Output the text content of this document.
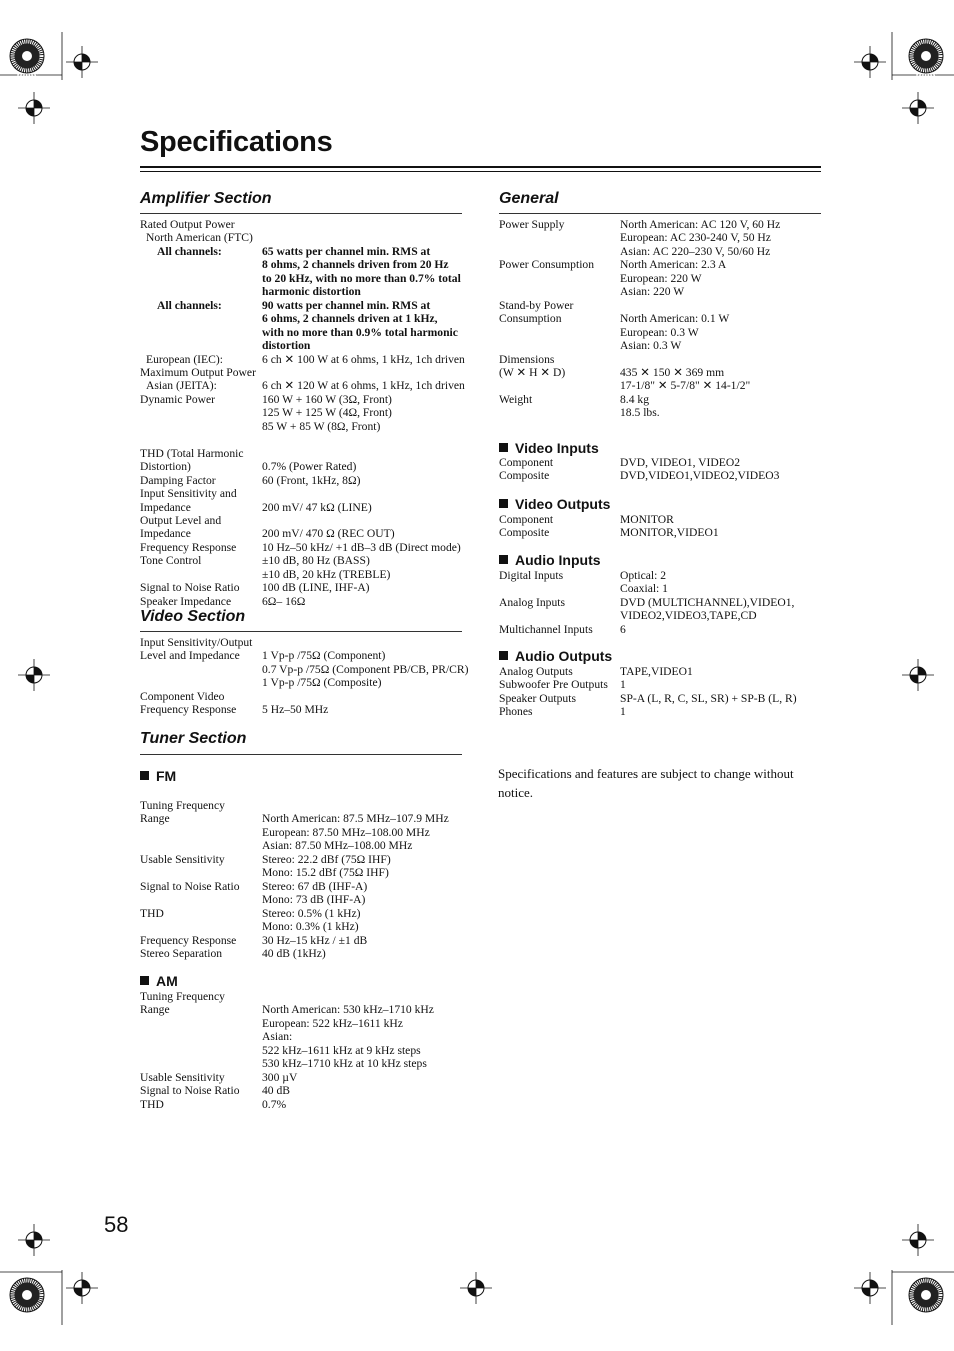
Specifications
Amplifier Section
Rated Output Power

Maximum Output Power

Dynamic Power

THD (Total Harmonic
Distortion)
Damping Factor
Input Sensitivity and
Impedance
Output Level and
Impedance
Frequency Response
Tone Control

Signal to Noise Ratio
Speaker Impedance

North American (FTC)
All channels:

All channels:

European (IEC):

Asian (JEITA):

65 watts per channel min. RMS at
8 ohms, 2 channels driven from 20 Hz
to 20 kHz, with no more than 0.7% total
harmonic distortion
90 watts per channel min. RMS at
6 ohms, 2 channels driven at 1 kHz,
with no more than 0.9% total harmonic
distortion
6 ch ✕ 100 W at 6 ohms, 1 kHz, 1ch driven

6 ch ✕ 120 W at 6 ohms, 1 kHz, 1ch driven
160 W + 160 W (3Ω, Front)
125 W + 125 W (4Ω, Front)
85 W + 85 W (8Ω, Front)

0.7% (Power Rated)
60 (Front, 1kHz, 8Ω)

200 mV/ 47 kΩ (LINE)

200 mV/ 470 Ω (REC OUT)
10 Hz–50 kHz/ +1 dB–3 dB (Direct mode)
±10 dB, 80 Hz (BASS)
±10 dB, 20 kHz (TREBLE)
100 dB (LINE, IHF-A)
6Ω– 16Ω
Video Section
Input Sensitivity/Output
Level and Impedance

Component Video
Frequency Response

1 Vp-p /75Ω (Component)
0.7 Vp-p /75Ω (Component PB/CB, PR/CR)
1 Vp-p /75Ω (Composite)

5 Hz–50 MHz
Tuner Section
FM
Tuning Frequency
Range

Usable Sensitivity

Signal to Noise Ratio

THD

Frequency Response
Stereo Separation

North American: 87.5 MHz–107.9 MHz
European: 87.50 MHz–108.00 MHz
Asian: 87.50 MHz–108.00 MHz
Stereo: 22.2 dBf (75Ω IHF)
Mono: 15.2 dBf (75Ω IHF)
Stereo: 67 dB (IHF-A)
Mono: 73 dB (IHF-A)
Stereo: 0.5% (1 kHz)
Mono: 0.3% (1 kHz)
30 Hz–15 kHz / ±1 dB
40 dB (1kHz)
AM
Tuning Frequency
Range

Usable Sensitivity
Signal to Noise Ratio
THD

North American: 530 kHz–1710 kHz
European: 522 kHz–1611 kHz
Asian:
522 kHz–1611 kHz at 9 kHz steps
530 kHz–1710 kHz at 10 kHz steps
300 µV
40 dB
0.7%
General
Power Supply

Power Consumption

Stand-by Power
Consumption

Dimensions
(W ✕ H ✕ D)

Weight

North American: AC 120 V, 60 Hz
European: AC 230-240 V, 50 Hz
Asian: AC 220–230 V, 50/60 Hz
North American: 2.3 A
European: 220 W
Asian: 220 W

North American: 0.1 W
European: 0.3 W
Asian: 0.3 W

435 ✕ 150 ✕ 369 mm
17-1/8" ✕ 5-7/8" ✕ 14-1/2"
8.4 kg
18.5 lbs.
Video Inputs
Component
Composite
DVD, VIDEO1, VIDEO2
DVD,VIDEO1,VIDEO2,VIDEO3
Video Outputs
Component
Composite
MONITOR
MONITOR,VIDEO1
Audio Inputs
Digital Inputs

Analog Inputs

Multichannel Inputs
Optical: 2
Coaxial: 1
DVD (MULTICHANNEL),VIDEO1,
VIDEO2,VIDEO3,TAPE,CD
6
Audio Outputs
Analog Outputs
Subwoofer Pre Outputs
Speaker Outputs
Phones
TAPE,VIDEO1
1
SP-A (L, R, C, SL, SR) + SP-B (L, R)
1
Specifications and features are subject to change without notice.
58
